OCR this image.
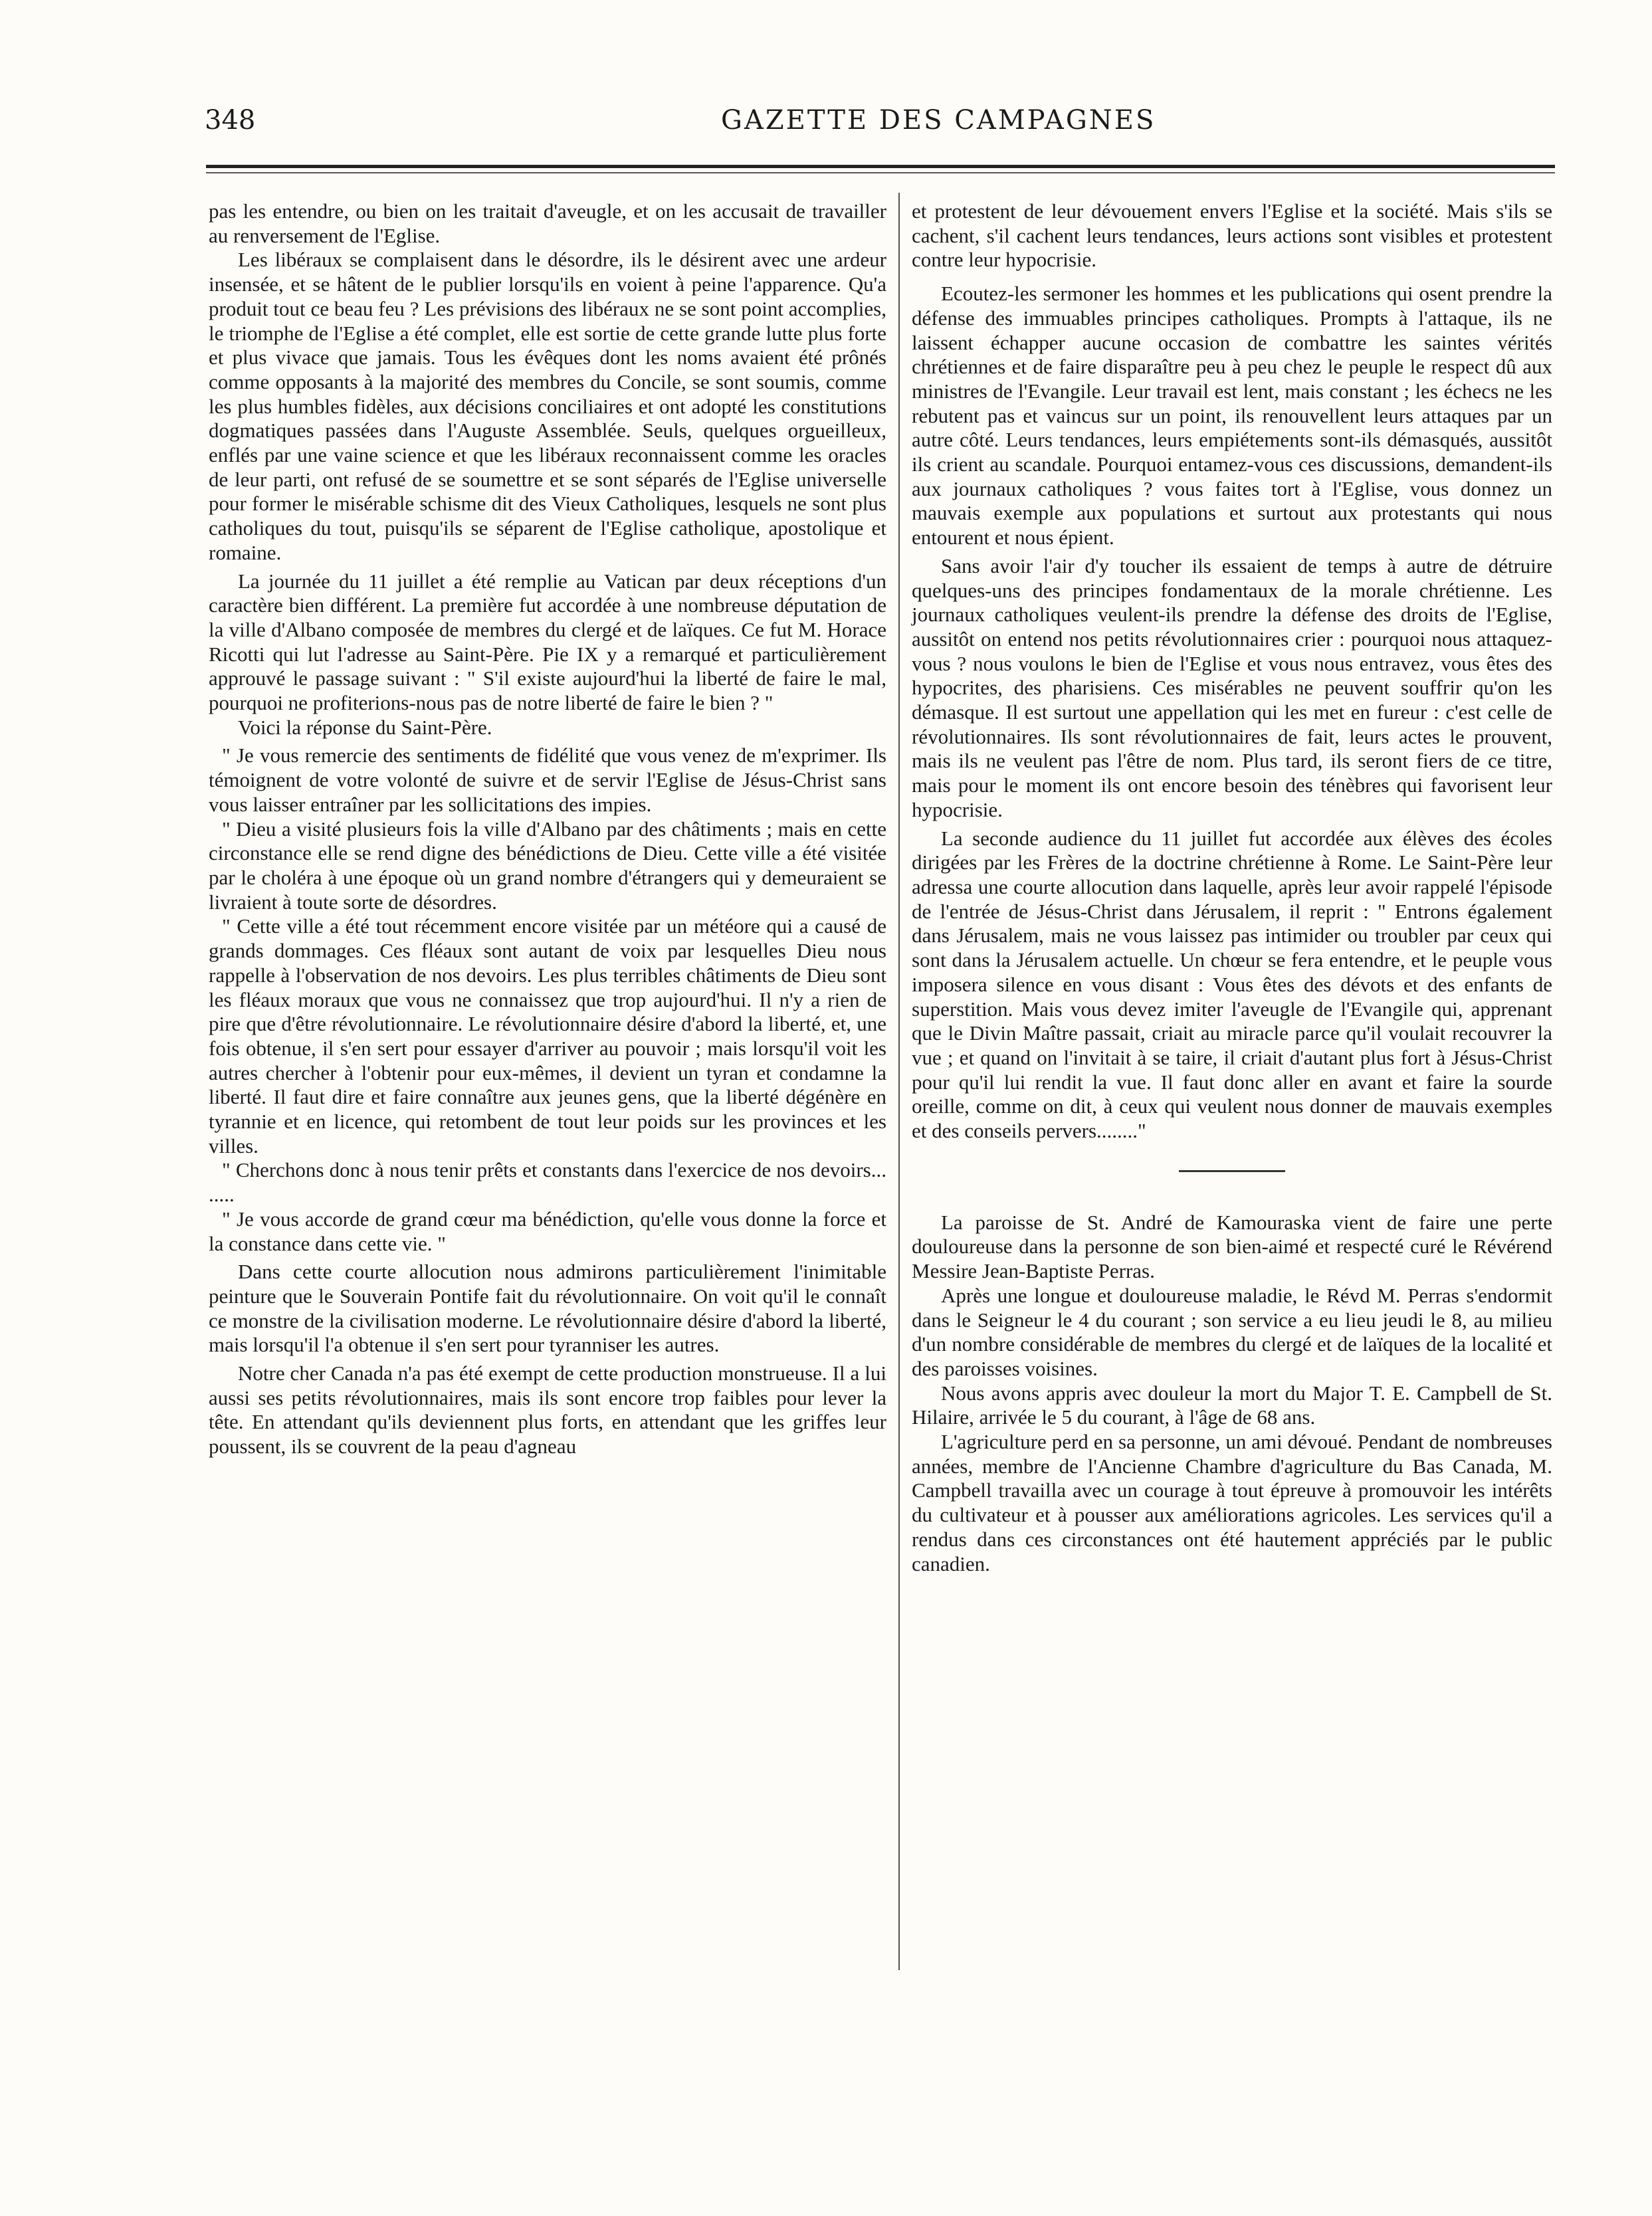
348	GAZETTE DES CAMPAGNES

pas les entendre, ou bien on les traitait d'aveugle, et on les accusait de travailler au renversement de l'Eglise.

Les libéraux se complaisent dans le désordre, ils le désirent avec une ardeur insensée, et se hâtent de le publier lorsqu'ils en voient à peine l'apparence. Qu'a produit tout ce beau feu ? Les prévisions des libéraux ne se sont point accomplies, le triomphe de l'Eglise a été complet, elle est sortie de cette grande lutte plus forte et plus vivace que jamais. Tous les évêques dont les noms avaient été prônés comme opposants à la majorité des membres du Concile, se sont soumis, comme les plus humbles fidèles, aux décisions conciliaires et ont adopté les constitutions dogmatiques passées dans l'Auguste Assemblée. Seuls, quelques orgueilleux, enflés par une vaine science et que les libéraux reconnaissent comme les oracles de leur parti, ont refusé de se soumettre et se sont séparés de l'Eglise universelle pour former le misérable schisme dit des Vieux Catholiques, lesquels ne sont plus catholiques du tout, puisqu'ils se séparent de l'Eglise catholique, apostolique et romaine.

La journée du 11 juillet a été remplie au Vatican par deux réceptions d'un caractère bien différent. La première fut accordée à une nombreuse députation de la ville d'Albano composée de membres du clergé et de laïques. Ce fut M. Horace Ricotti qui lut l'adresse au Saint-Père. Pie IX y a remarqué et particulièrement approuvé le passage suivant : " S'il existe aujourd'hui la liberté de faire le mal, pourquoi ne profiterions-nous pas de notre liberté de faire le bien ? "

Voici la réponse du Saint-Père.

" Je vous remercie des sentiments de fidélité que vous venez de m'exprimer. Ils témoignent de votre volonté de suivre et de servir l'Eglise de Jésus-Christ sans vous laisser entraîner par les sollicitations des impies.

" Dieu a visité plusieurs fois la ville d'Albano par des châtiments ; mais en cette circonstance elle se rend digne des bénédictions de Dieu. Cette ville a été visitée par le choléra à une époque où un grand nombre d'étrangers qui y demeuraient se livraient à toute sorte de désordres.

" Cette ville a été tout récemment encore visitée par un météore qui a causé de grands dommages. Ces fléaux sont autant de voix par lesquelles Dieu nous rappelle à l'observation de nos devoirs. Les plus terribles châtiments de Dieu sont les fléaux moraux que vous ne connaissez que trop aujourd'hui. Il n'y a rien de pire que d'être révolutionnaire. Le révolutionnaire désire d'abord la liberté, et, une fois obtenue, il s'en sert pour essayer d'arriver au pouvoir ; mais lorsqu'il voit les autres chercher à l'obtenir pour eux-mêmes, il devient un tyran et condamne la liberté. Il faut dire et faire connaître aux jeunes gens, que la liberté dégénère en tyrannie et en licence, qui retombent de tout leur poids sur les provinces et les villes.

" Cherchons donc à nous tenir prêts et constants dans l'exercice de nos devoirs... .....

" Je vous accorde de grand cœur ma bénédiction, qu'elle vous donne la force et la constance dans cette vie. "

Dans cette courte allocution nous admirons particulièrement l'inimitable peinture que le Souverain Pontife fait du révolutionnaire. On voit qu'il le connaît ce monstre de la civilisation moderne. Le révolutionnaire désire d'abord la liberté, mais lorsqu'il l'a obtenue il s'en sert pour tyranniser les autres.

Notre cher Canada n'a pas été exempt de cette production monstrueuse. Il a lui aussi ses petits révolutionnaires, mais ils sont encore trop faibles pour lever la tête. En attendant qu'ils deviennent plus forts, en attendant que les griffes leur poussent, ils se couvrent de la peau d'agneau

et protestent de leur dévouement envers l'Eglise et la société. Mais s'ils se cachent, s'il cachent leurs tendances, leurs actions sont visibles et protestent contre leur hypocrisie.

Ecoutez-les sermoner les hommes et les publications qui osent prendre la défense des immuables principes catholiques. Prompts à l'attaque, ils ne laissent échapper aucune occasion de combattre les saintes vérités chrétiennes et de faire disparaître peu à peu chez le peuple le respect dû aux ministres de l'Evangile. Leur travail est lent, mais constant ; les échecs ne les rebutent pas et vaincus sur un point, ils renouvellent leurs attaques par un autre côté. Leurs tendances, leurs empiétements sont-ils démasqués, aussitôt ils crient au scandale. Pourquoi entamez-vous ces discussions, demandent-ils aux journaux catholiques ? vous faites tort à l'Eglise, vous donnez un mauvais exemple aux populations et surtout aux protestants qui nous entourent et nous épient.

Sans avoir l'air d'y toucher ils essaient de temps à autre de détruire quelques-uns des principes fondamentaux de la morale chrétienne. Les journaux catholiques veulent-ils prendre la défense des droits de l'Eglise, aussitôt on entend nos petits révolutionnaires crier : pourquoi nous attaquez-vous ? nous voulons le bien de l'Eglise et vous nous entravez, vous êtes des hypocrites, des pharisiens. Ces misérables ne peuvent souffrir qu'on les démasque. Il est surtout une appellation qui les met en fureur : c'est celle de révolutionnaires. Ils sont révolutionnaires de fait, leurs actes le prouvent, mais ils ne veulent pas l'être de nom. Plus tard, ils seront fiers de ce titre, mais pour le moment ils ont encore besoin des ténèbres qui favorisent leur hypocrisie.

La seconde audience du 11 juillet fut accordée aux élèves des écoles dirigées par les Frères de la doctrine chrétienne à Rome. Le Saint-Père leur adressa une courte allocution dans laquelle, après leur avoir rappelé l'épisode de l'entrée de Jésus-Christ dans Jérusalem, il reprit : " Entrons également dans Jérusalem, mais ne vous laissez pas intimider ou troubler par ceux qui sont dans la Jérusalem actuelle. Un chœur se fera entendre, et le peuple vous imposera silence en vous disant : Vous êtes des dévots et des enfants de superstition. Mais vous devez imiter l'aveugle de l'Evangile qui, apprenant que le Divin Maître passait, criait au miracle parce qu'il voulait recouvrer la vue ; et quand on l'invitait à se taire, il criait d'autant plus fort à Jésus-Christ pour qu'il lui rendit la vue. Il faut donc aller en avant et faire la sourde oreille, comme on dit, à ceux qui veulent nous donner de mauvais exemples et des conseils pervers........"

La paroisse de St. André de Kamouraska vient de faire une perte douloureuse dans la personne de son bien-aimé et respecté curé le Révérend Messire Jean-Baptiste Perras.

Après une longue et douloureuse maladie, le Révd M. Perras s'endormit dans le Seigneur le 4 du courant ; son service a eu lieu jeudi le 8, au milieu d'un nombre considérable de membres du clergé et de laïques de la localité et des paroisses voisines.

Nous avons appris avec douleur la mort du Major T. E. Campbell de St. Hilaire, arrivée le 5 du courant, à l'âge de 68 ans.

L'agriculture perd en sa personne, un ami dévoué. Pendant de nombreuses années, membre de l'Ancienne Chambre d'agriculture du Bas Canada, M. Campbell travailla avec un courage à tout épreuve à promouvoir les intérêts du cultivateur et à pousser aux améliorations agricoles. Les services qu'il a rendus dans ces circonstances ont été hautement appréciés par le public canadien.
